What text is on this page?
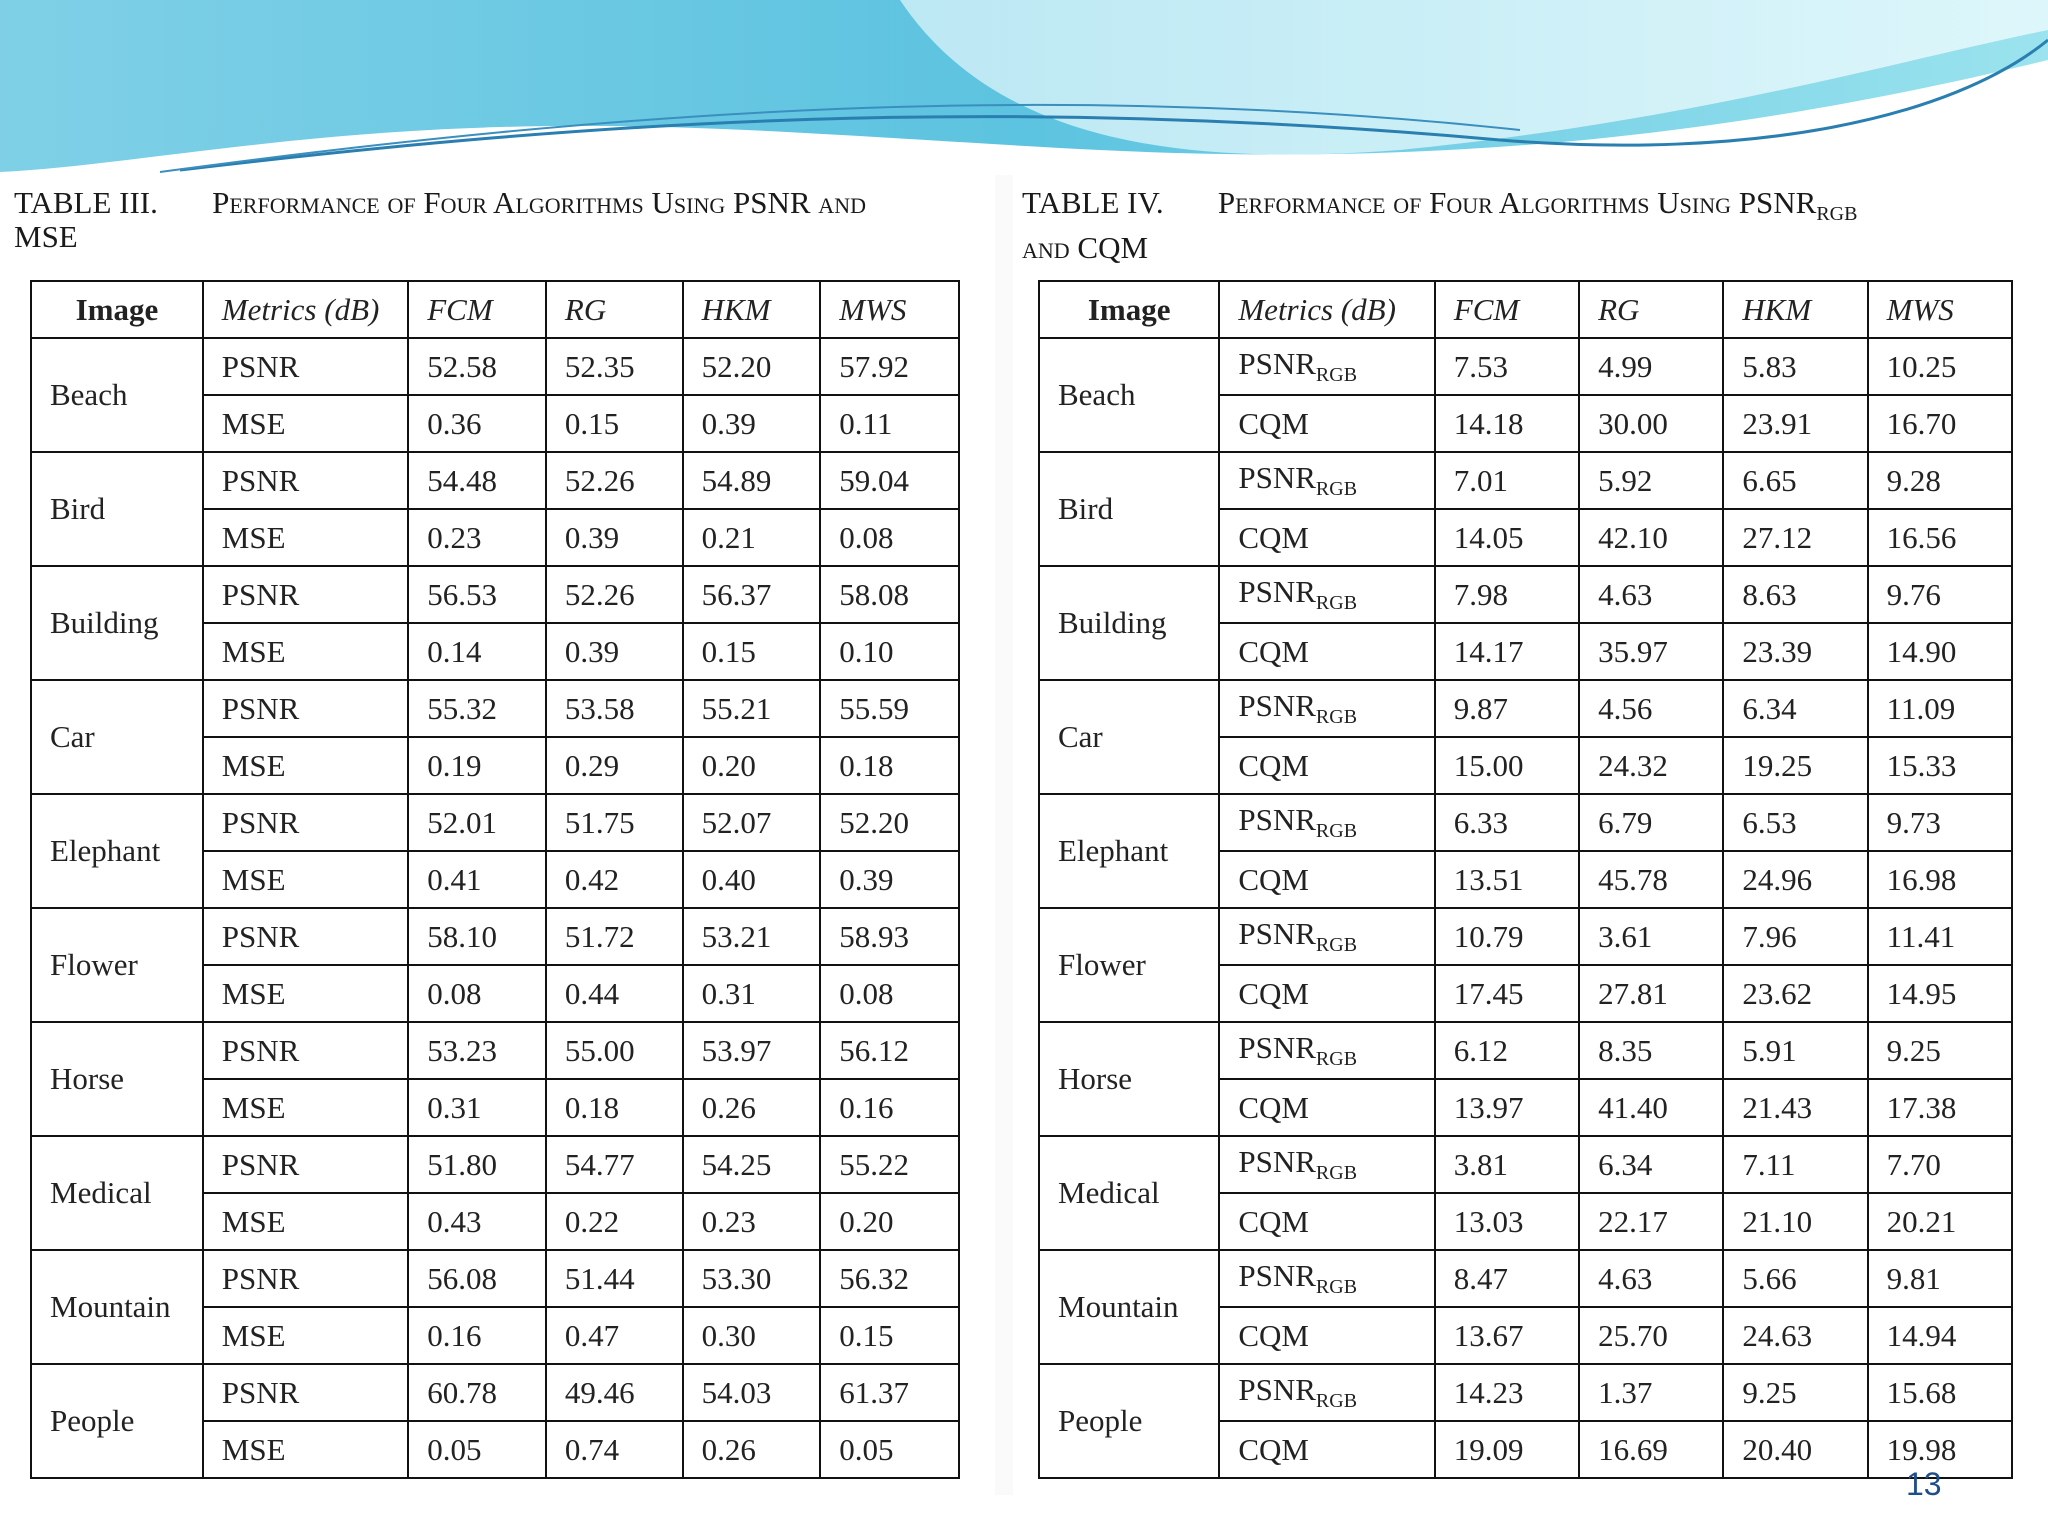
TABLE III. Performance of Four Algorithms Using PSNR and
MSE
TABLE IV. Performance of Four Algorithms Using $PSNR_{RGB}$
and CQM
Image	Metrics (dB)	FCM	RG	HKM	MWS
Beach	PSNR	52.58	52.35	52.20	57.92
	MSE	0.36	0.15	0.39	0.11
Bird	PSNR	54.48	52.26	54.89	59.04
	MSE	0.23	0.39	0.21	0.08
Building	PSNR	56.53	52.26	56.37	58.08
	MSE	0.14	0.39	0.15	0.10
Car	PSNR	55.32	53.58	55.21	55.59
	MSE	0.19	0.29	0.20	0.18
Elephant	PSNR	52.01	51.75	52.07	52.20
	MSE	0.41	0.42	0.40	0.39
Flower	PSNR	58.10	51.72	53.21	58.93
	MSE	0.08	0.44	0.31	0.08
Horse	PSNR	53.23	55.00	53.97	56.12
	MSE	0.31	0.18	0.26	0.16
Medical	PSNR	51.80	54.77	54.25	55.22
	MSE	0.43	0.22	0.23	0.20
Mountain	PSNR	56.08	51.44	53.30	56.32
	MSE	0.16	0.47	0.30	0.15
People	PSNR	60.78	49.46	54.03	61.37
	MSE	0.05	0.74	0.26	0.05
Image	Metrics (dB)	FCM	RG	HKM	MWS
Beach	$PSNR_{RGB}$	7.53	4.99	5.83	10.25
	CQM	14.18	30.00	23.91	16.70
Bird	$PSNR_{RGB}$	7.01	5.92	6.65	9.28
	CQM	14.05	42.10	27.12	16.56
Building	$PSNR_{RGB}$	7.98	4.63	8.63	9.76
	CQM	14.17	35.97	23.39	14.90
Car	$PSNR_{RGB}$	9.87	4.56	6.34	11.09
	CQM	15.00	24.32	19.25	15.33
Elephant	$PSNR_{RGB}$	6.33	6.79	6.53	9.73
	CQM	13.51	45.78	24.96	16.98
Flower	$PSNR_{RGB}$	10.79	3.61	7.96	11.41
	CQM	17.45	27.81	23.62	14.95
Horse	$PSNR_{RGB}$	6.12	8.35	5.91	9.25
	CQM	13.97	41.40	21.43	17.38
Medical	$PSNR_{RGB}$	3.81	6.34	7.11	7.70
	CQM	13.03	22.17	21.10	20.21
Mountain	$PSNR_{RGB}$	8.47	4.63	5.66	9.81
	CQM	13.67	25.70	24.63	14.94
People	$PSNR_{RGB}$	14.23	1.37	9.25	15.68
	CQM	19.09	16.69	20.40	19.98
13
